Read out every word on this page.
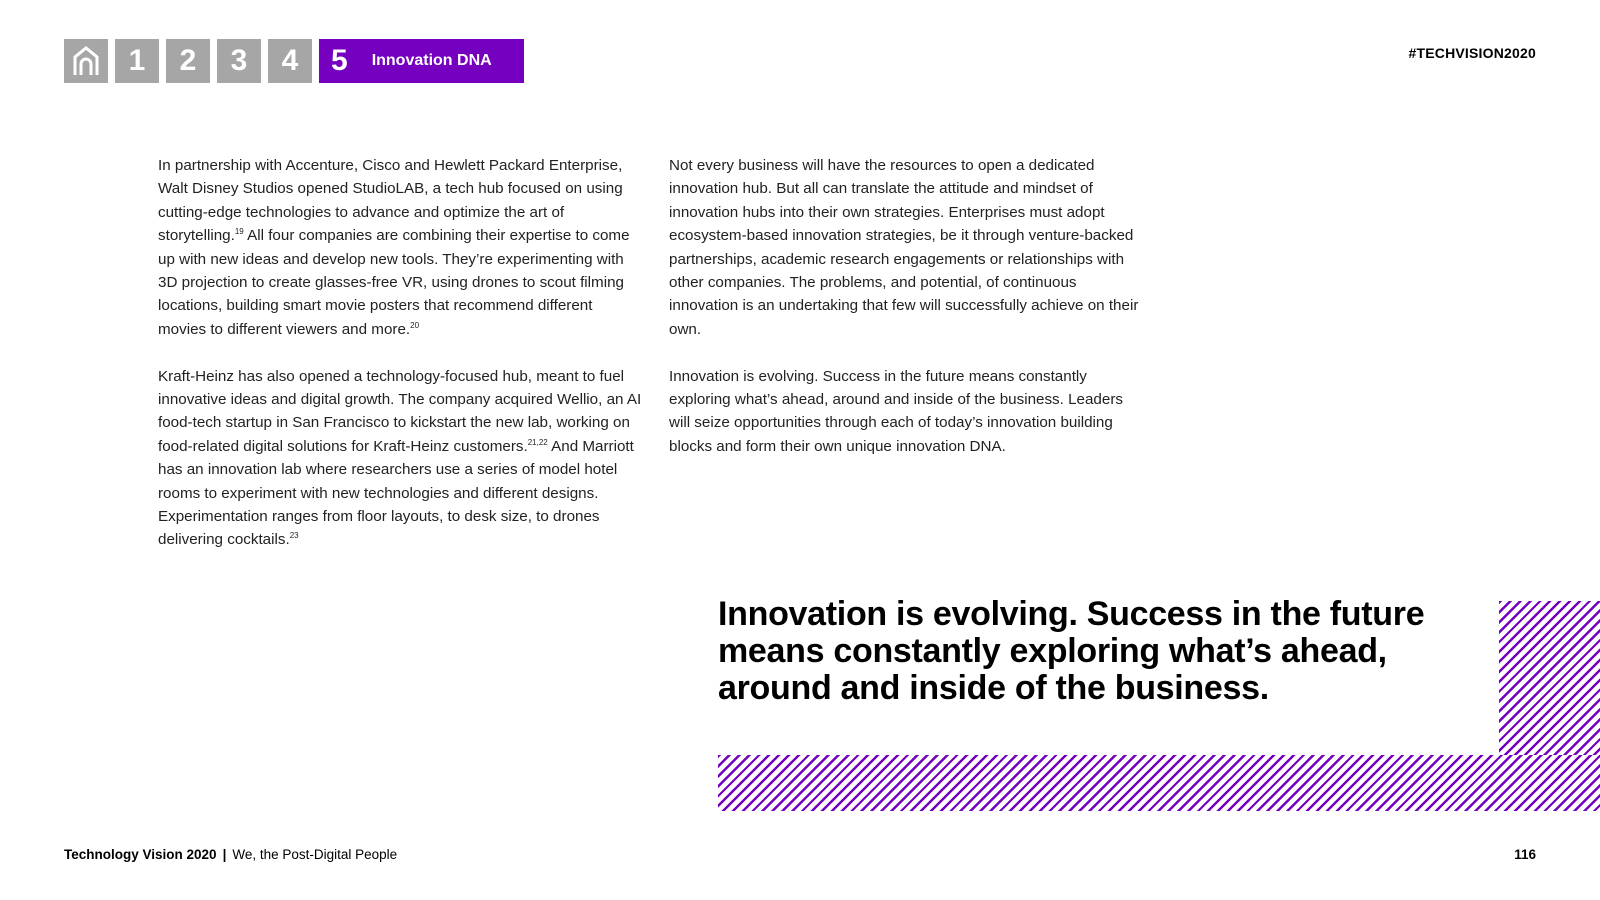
1	2	3	4	5 Innovation DNA	#TECHVISION2020

In partnership with Accenture, Cisco and Hewlett Packard Enterprise, Walt Disney Studios opened StudioLAB, a tech hub focused on using cutting-edge technologies to advance and optimize the art of storytelling.$^{19}$ All four companies are combining their expertise to come up with new ideas and develop new tools. They’re experimenting with 3D projection to create glasses-free VR, using drones to scout filming locations, building smart movie posters that recommend different movies to different viewers and more.$^{20}$

Kraft-Heinz has also opened a technology-focused hub, meant to fuel innovative ideas and digital growth. The company acquired Wellio, an AI food-tech startup in San Francisco to kickstart the new lab, working on food-related digital solutions for Kraft-Heinz customers.$^{21,22}$ And Marriott has an innovation lab where researchers use a series of model hotel rooms to experiment with new technologies and different designs. Experimentation ranges from floor layouts, to desk size, to drones delivering cocktails.$^{23}$

Not every business will have the resources to open a dedicated innovation hub. But all can translate the attitude and mindset of innovation hubs into their own strategies. Enterprises must adopt ecosystem-based innovation strategies, be it through venture-backed partnerships, academic research engagements or relationships with other companies. The problems, and potential, of continuous innovation is an undertaking that few will successfully achieve on their own.

Innovation is evolving. Success in the future means constantly exploring what’s ahead, around and inside of the business. Leaders will seize opportunities through each of today’s innovation building blocks and form their own unique innovation DNA.

Innovation is evolving. Success in the future means constantly exploring what’s ahead, around and inside of the business.
Technology Vision 2020 | We, the Post-Digital People	116
